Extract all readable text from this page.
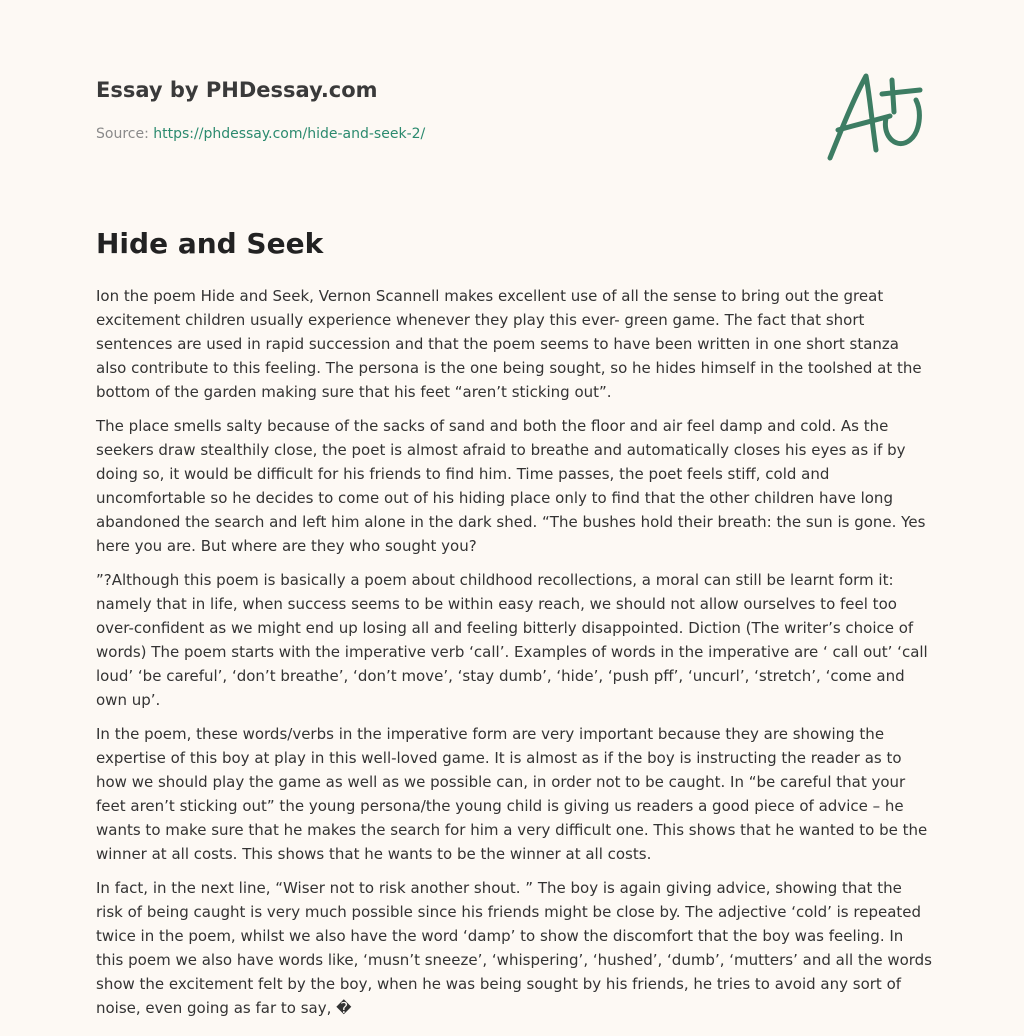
Essay by PHDessay.com
Source: https://phdessay.com/hide-and-seek-2/
Hide and Seek

Ion the poem Hide and Seek, Vernon Scannell makes excellent use of all the sense to bring out the great excitement children usually experience whenever they play this ever- green game. The fact that short sentences are used in rapid succession and that the poem seems to have been written in one short stanza also contribute to this feeling. The persona is the one being sought, so he hides himself in the toolshed at the bottom of the garden making sure that his feet “aren’t sticking out”.

The place smells salty because of the sacks of sand and both the floor and air feel damp and cold. As the seekers draw stealthily close, the poet is almost afraid to breathe and automatically closes his eyes as if by doing so, it would be difficult for his friends to find him. Time passes, the poet feels stiff, cold and uncomfortable so he decides to come out of his hiding place only to find that the other children have long abandoned the search and left him alone in the dark shed. “The bushes hold their breath: the sun is gone. Yes here you are. But where are they who sought you?

”?Although this poem is basically a poem about childhood recollections, a moral can still be learnt form it: namely that in life, when success seems to be within easy reach, we should not allow ourselves to feel too over-confident as we might end up losing all and feeling bitterly disappointed. Diction (The writer’s choice of words) The poem starts with the imperative verb ‘call’. Examples of words in the imperative are ‘ call out’ ‘call loud’ ‘be careful’, ‘don’t breathe’, ‘don’t move’, ‘stay dumb’, ‘hide’, ‘push pff’, ‘uncurl’, ‘stretch’, ‘come and own up’.

In the poem, these words/verbs in the imperative form are very important because they are showing the expertise of this boy at play in this well-loved game. It is almost as if the boy is instructing the reader as to how we should play the game as well as we possible can, in order not to be caught. In “be careful that your feet aren’t sticking out” the young persona/the young child is giving us readers a good piece of advice – he wants to make sure that he makes the search for him a very difficult one. This shows that he wanted to be the winner at all costs. This shows that he wants to be the winner at all costs.

In fact, in the next line, “Wiser not to risk another shout. ” The boy is again giving advice, showing that the risk of being caught is very much possible since his friends might be close by. The adjective ‘cold’ is repeated twice in the poem, whilst we also have the word ‘damp’ to show the discomfort that the boy was feeling. In this poem we also have words like, ‘musn’t sneeze’, ‘whispering’, ‘hushed’, ‘dumb’, ‘mutters’ and all the words show the excitement felt by the boy, when he was being sought by his friends, he tries to avoid any sort of noise, even going as far to say, �
